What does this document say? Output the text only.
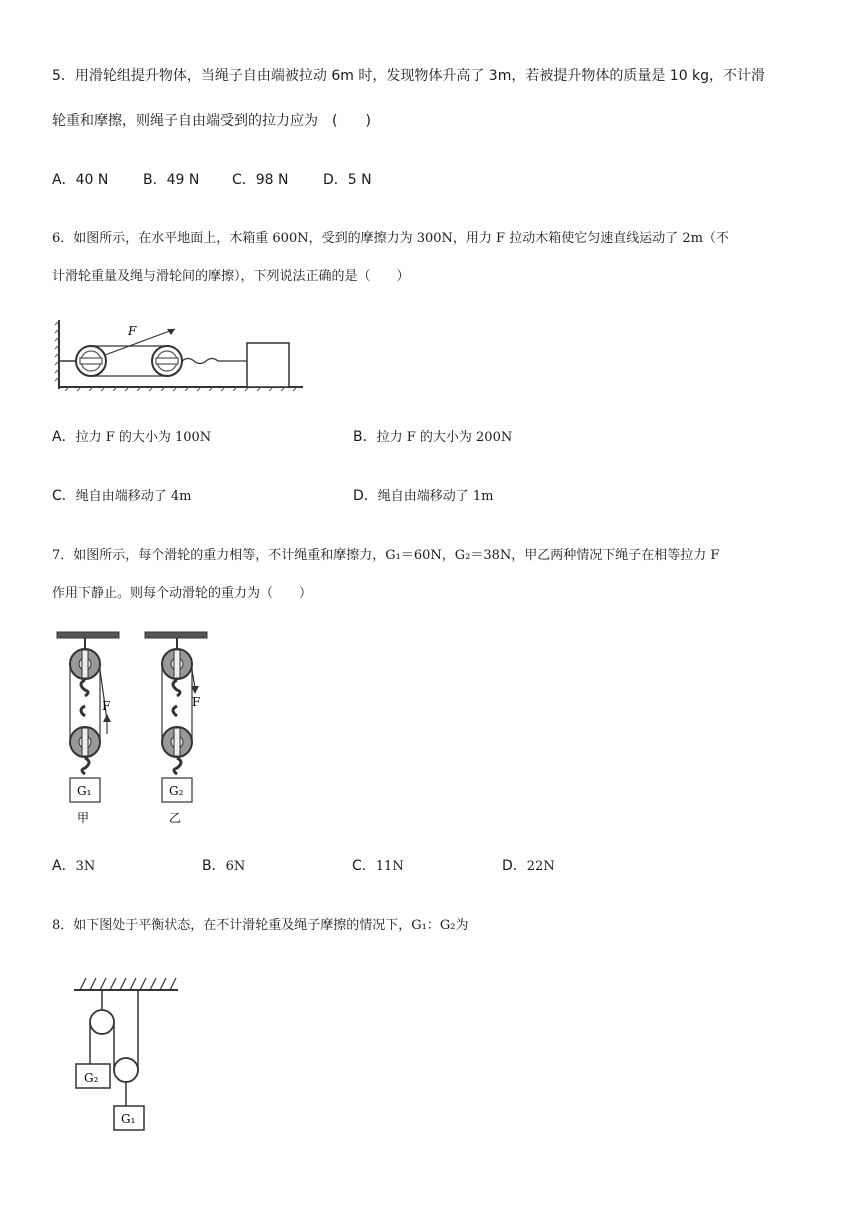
5．用滑轮组提升物体，当绳子自由端被拉动 6m 时，发现物体升高了 3m，若被提升物体的质量是 10 kg，不计滑
轮重和摩擦，则绳子自由端受到的拉力应为　(　　)
A．40 N B．49 N C．98 N D．5 N
6．如图所示，在水平地面上，木箱重 600N，受到的摩擦力为 300N，用力 F 拉动木箱使它匀速直线运动了 2m（不
计滑轮重量及绳与滑轮间的摩擦），下列说法正确的是（　　）
F
A．拉力 F 的大小为 100N	B．拉力 F 的大小为 200N
C．绳自由端移动了 4m	D．绳自由端移动了 1m
7．如图所示，每个滑轮的重力相等，不计绳重和摩擦力，G₁＝60N，G₂＝38N，甲乙两种情况下绳子在相等拉力 F
作用下静止。则每个动滑轮的重力为（　　）
F
G₁
甲
F
G₂
乙
A．3N	B．6N	C．11N	D．22N
8．如下图处于平衡状态，在不计滑轮重及绳子摩擦的情况下，G₁：G₂为
G₂
G₁
